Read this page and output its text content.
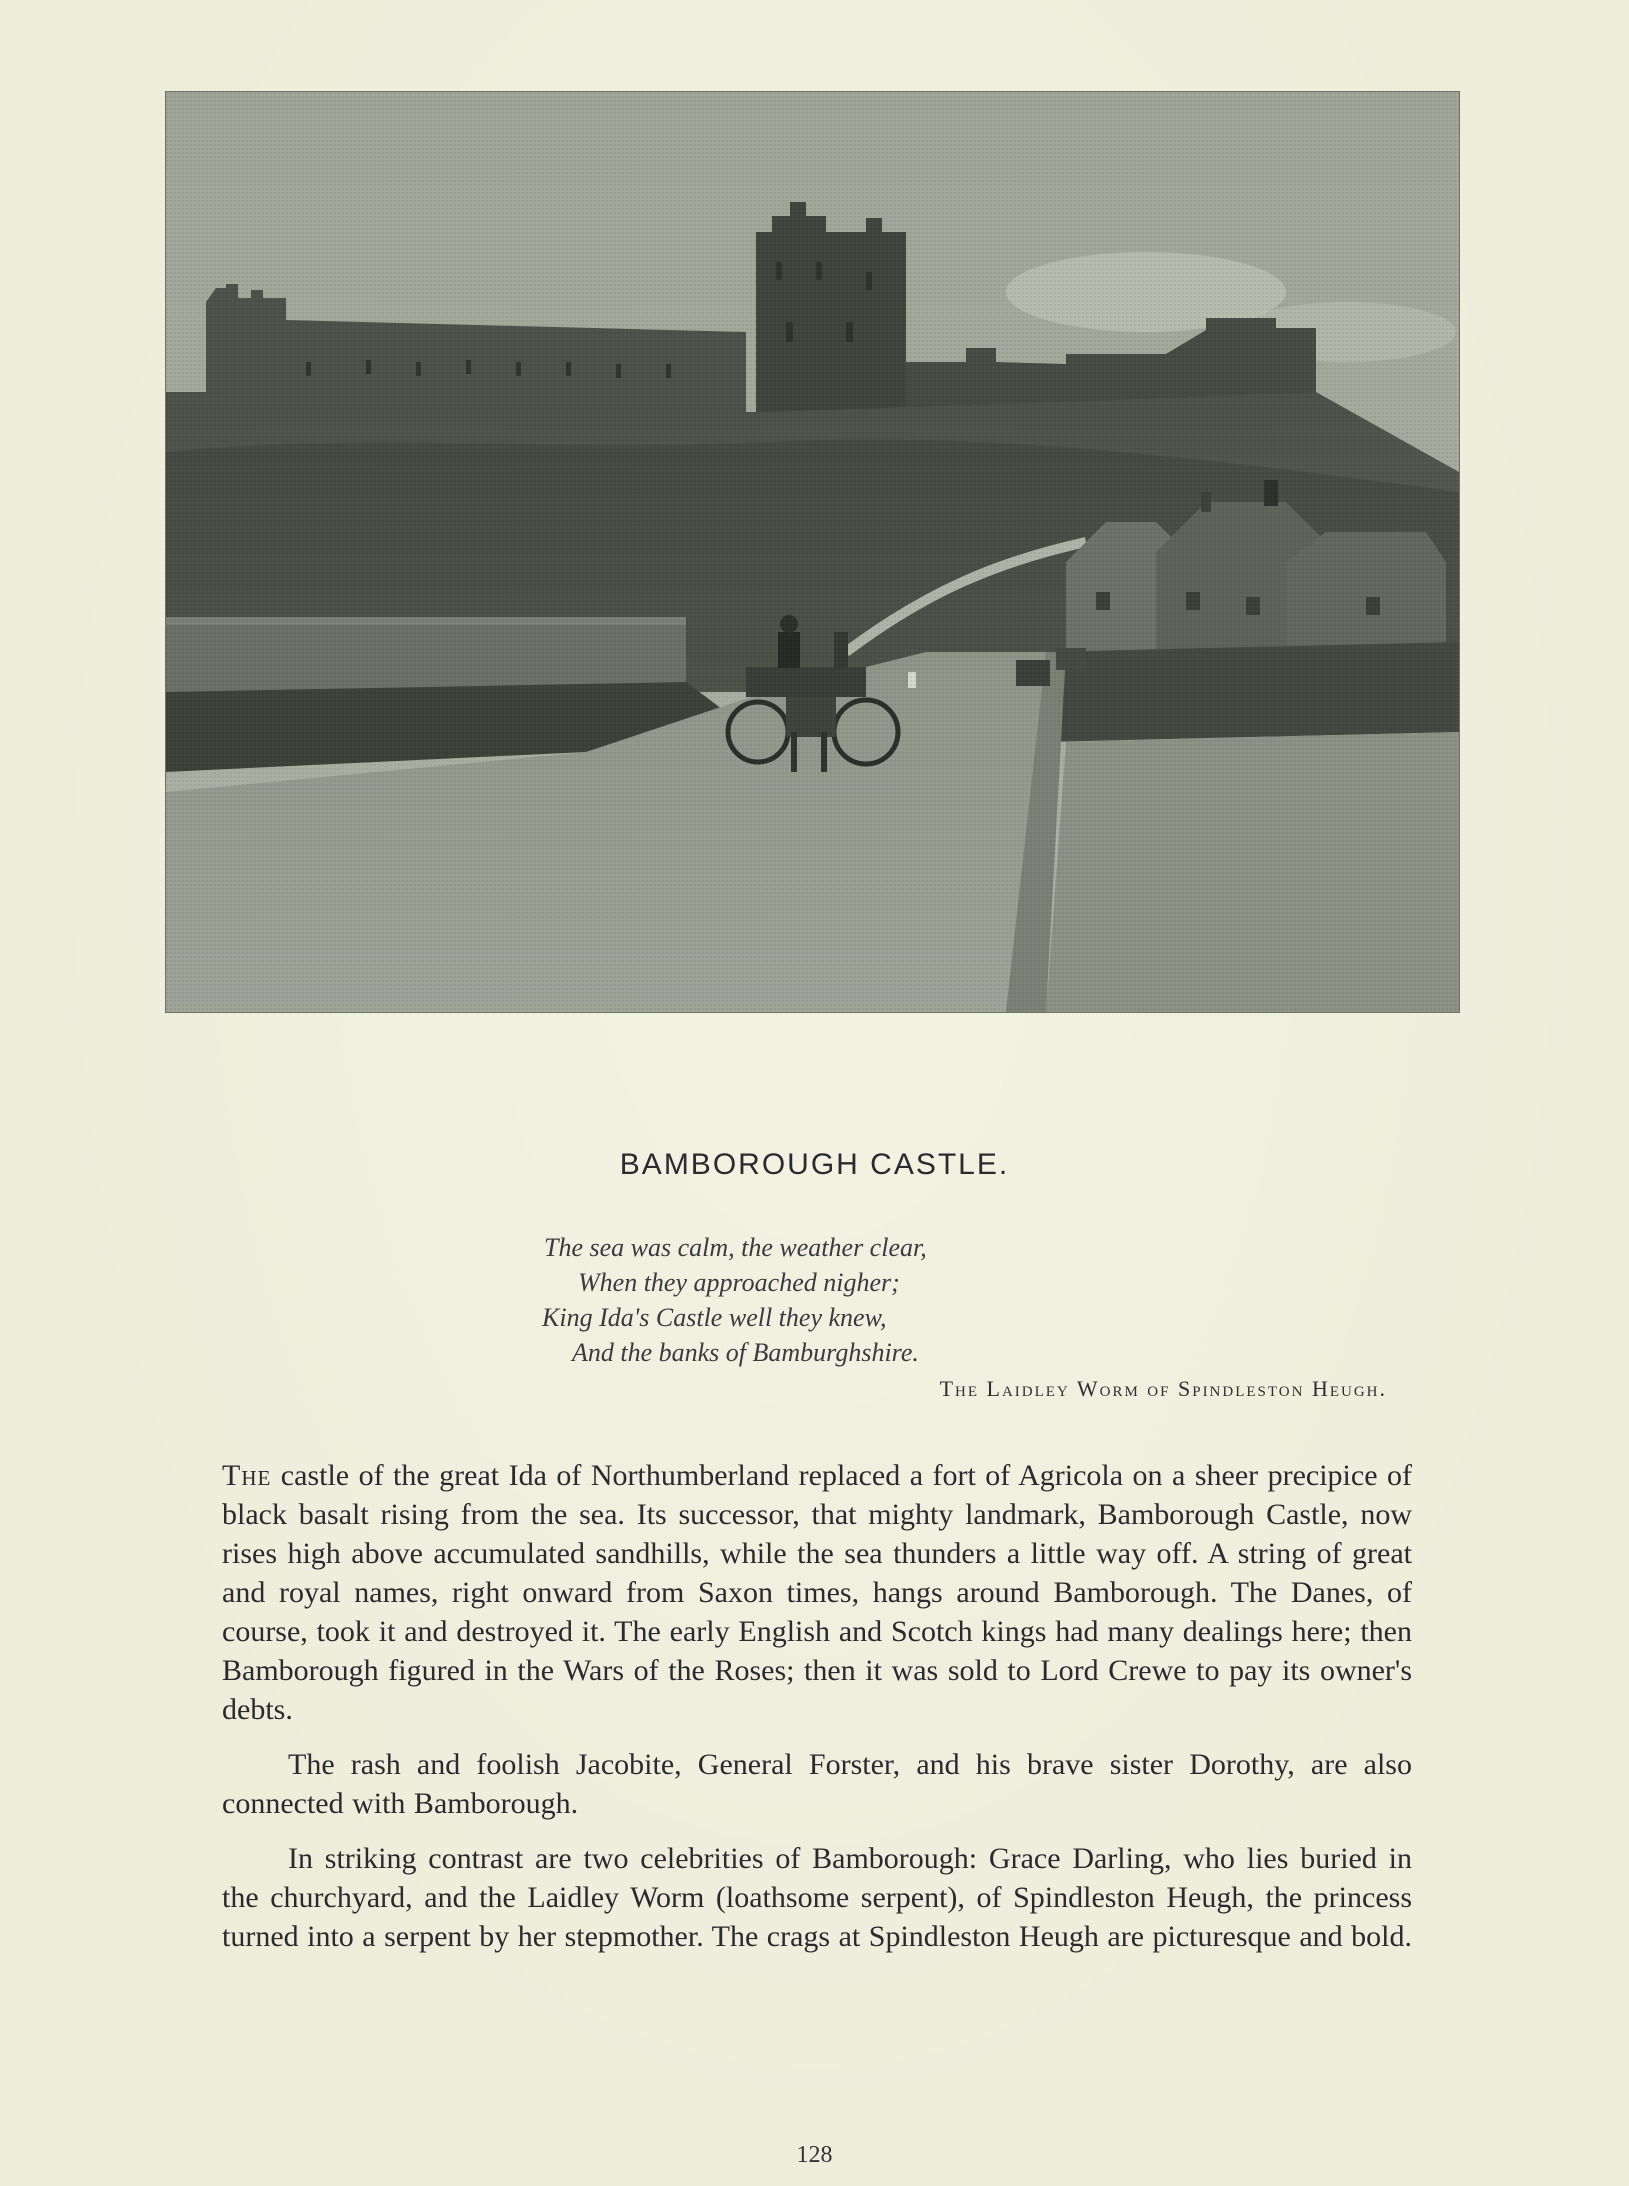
BAMBOROUGH CASTLE.
The sea was calm, the weather clear,
When they approached nigher;
King Ida's Castle well they knew,
And the banks of Bamburghshire.
The Laidley Worm of Spindleston Heugh.

The castle of the great Ida of Northumberland replaced a fort of Agricola on a sheer precipice of black basalt rising from the sea. Its successor, that mighty landmark, Bamborough Castle, now rises high above accumulated sandhills, while the sea thunders a little way off. A string of great and royal names, right onward from Saxon times, hangs around Bamborough. The Danes, of course, took it and destroyed it. The early English and Scotch kings had many dealings here; then Bamborough figured in the Wars of the Roses; then it was sold to Lord Crewe to pay its owner's debts.

The rash and foolish Jacobite, General Forster, and his brave sister Dorothy, are also connected with Bamborough.

In striking contrast are two celebrities of Bamborough: Grace Darling, who lies buried in the churchyard, and the Laidley Worm (loathsome serpent), of Spindleston Heugh, the princess turned into a serpent by her stepmother. The crags at Spindleston Heugh are picturesque and bold.

128
